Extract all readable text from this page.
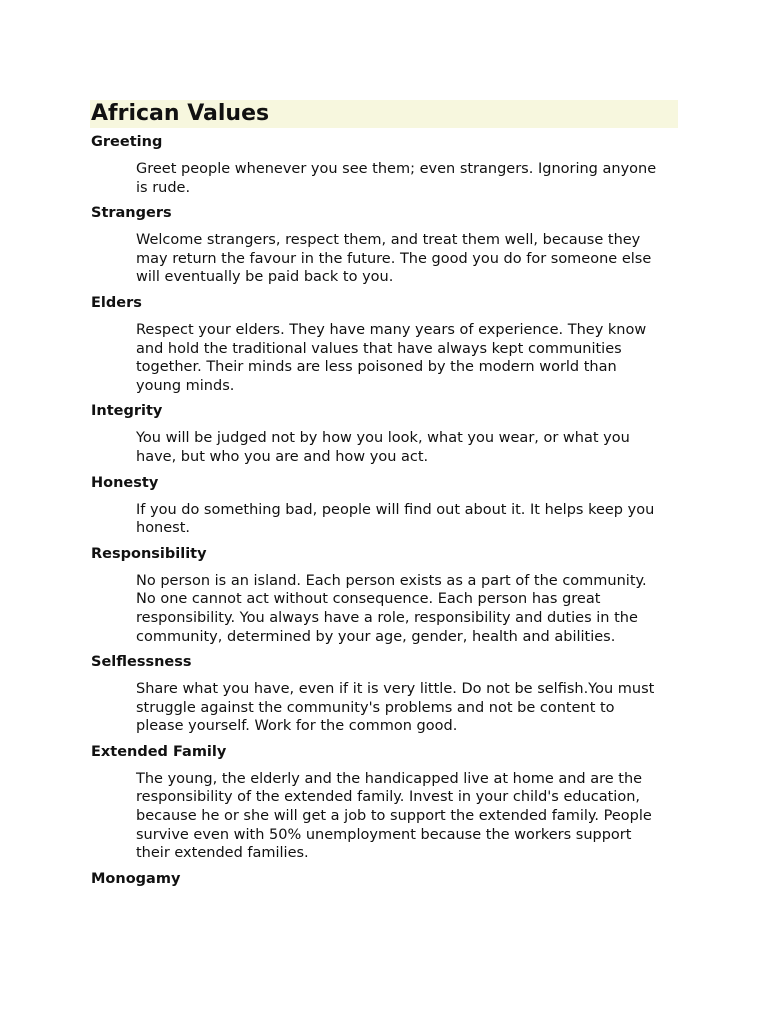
African Values
Greeting

Greet people whenever you see them; even strangers. Ignoring anyone

is rude.

Strangers

Welcome strangers, respect them, and treat them well, because they

may return the favour in the future. The good you do for someone else

will eventually be paid back to you.

Elders

Respect your elders. They have many years of experience. They know

and hold the traditional values that have always kept communities

together. Their minds are less poisoned by the modern world than

young minds.

Integrity

You will be judged not by how you look, what you wear, or what you

have, but who you are and how you act.

Honesty

If you do something bad, people will find out about it. It helps keep you

honest.

Responsibility

No person is an island. Each person exists as a part of the community.

No one cannot act without consequence. Each person has great

responsibility. You always have a role, responsibility and duties in the

community, determined by your age, gender, health and abilities.

Selflessness

Share what you have, even if it is very little. Do not be selfish.You must

struggle against the community's problems and not be content to

please yourself. Work for the common good.

Extended Family

The young, the elderly and the handicapped live at home and are the

responsibility of the extended family. Invest in your child's education,

because he or she will get a job to support the extended family. People

survive even with 50% unemployment because the workers support

their extended families.

Monogamy
